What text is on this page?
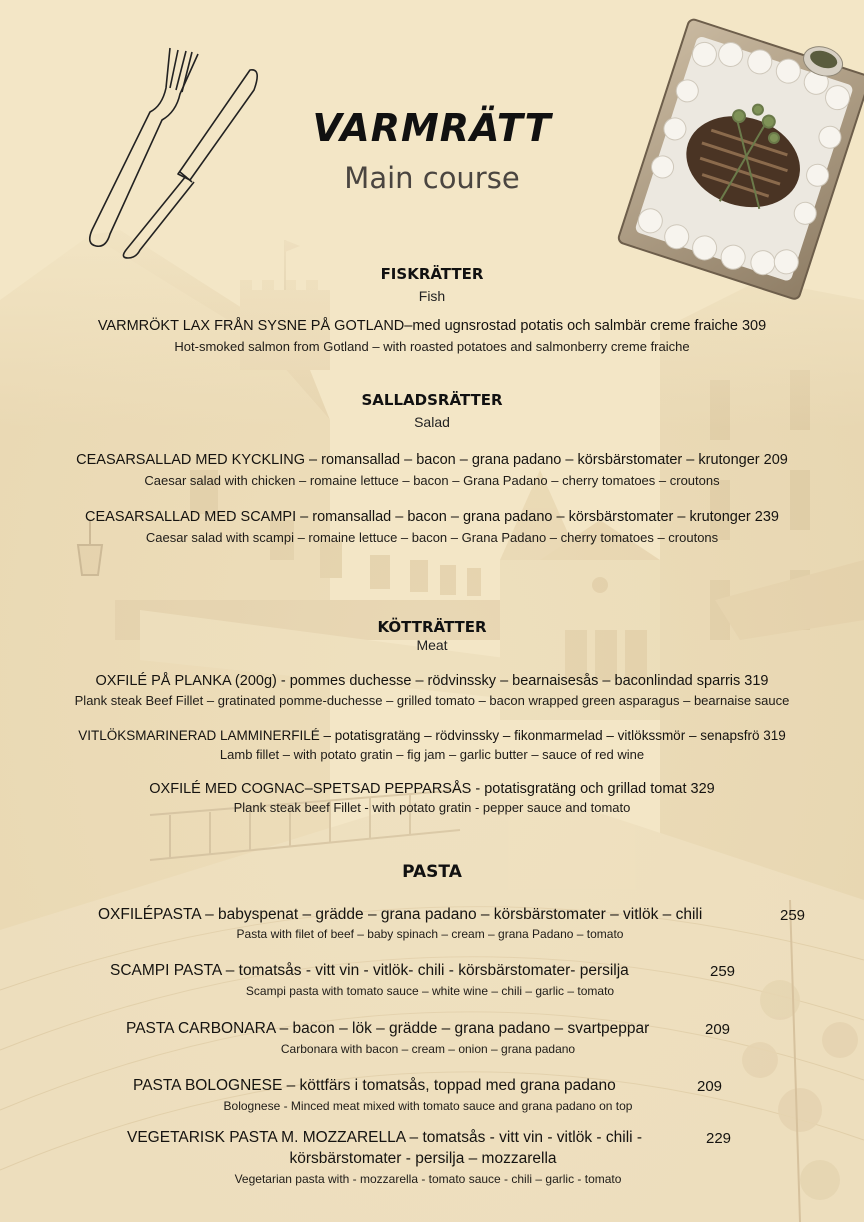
VARMRÄTT
Main course
FISKRÄTTER
Fish
VARMRÖKT LAX FRÅN SYSNE PÅ GOTLAND–med ugnsrostad potatis och salmbär creme fraiche 309
Hot-smoked salmon from Gotland – with roasted potatoes and salmonberry creme fraiche
SALLADSRÄTTER
Salad
CEASARSALLAD MED KYCKLING – romansallad – bacon – grana padano – körsbärstomater – krutonger 209
Caesar salad with chicken – romaine lettuce – bacon – Grana Padano – cherry tomatoes – croutons
CEASARSALLAD MED SCAMPI – romansallad – bacon – grana padano – körsbärstomater – krutonger 239
Caesar salad with scampi – romaine lettuce – bacon – Grana Padano – cherry tomatoes – croutons
KÖTTRÄTTER
Meat
OXFILÉ PÅ PLANKA (200g) - pommes duchesse – rödvinssky – bearnaisesås – baconlindad sparris 319
Plank steak Beef Fillet – gratinated pomme-duchesse – grilled tomato – bacon wrapped green asparagus – bearnaise sauce
VITLÖKSMARINERAD LAMMINERFILÉ – potatisgratäng – rödvinssky – fikonmarmelad – vitlökssmör – senapsfrö 319
Lamb fillet – with potato gratin – fig jam – garlic butter – sauce of red wine
OXFILÉ MED COGNAC–SPETSAD PEPPARSÅS - potatisgratäng och grillad tomat 329
Plank steak beef Fillet - with potato gratin - pepper sauce and tomato
PASTA
OXFILÉPASTA – babyspenat – grädde – grana padano – körsbärstomater – vitlök – chili	259
Pasta with filet of beef – baby spinach – cream – grana Padano – tomato
SCAMPI PASTA – tomatsås - vitt vin - vitlök- chili - körsbärstomater- persilja	259
Scampi pasta with tomato sauce – white wine – chili – garlic – tomato
PASTA CARBONARA – bacon – lök – grädde – grana padano – svartpeppar	209
Carbonara with bacon – cream – onion – grana padano
PASTA BOLOGNESE – köttfärs i tomatsås, toppad med grana padano	209
Bolognese - Minced meat mixed with tomato sauce and grana padano on top
VEGETARISK PASTA M. MOZZARELLA – tomatsås - vitt vin - vitlök - chili -	229
körsbärstomater - persilja – mozzarella
Vegetarian pasta with - mozzarella - tomato sauce - chili – garlic - tomato
